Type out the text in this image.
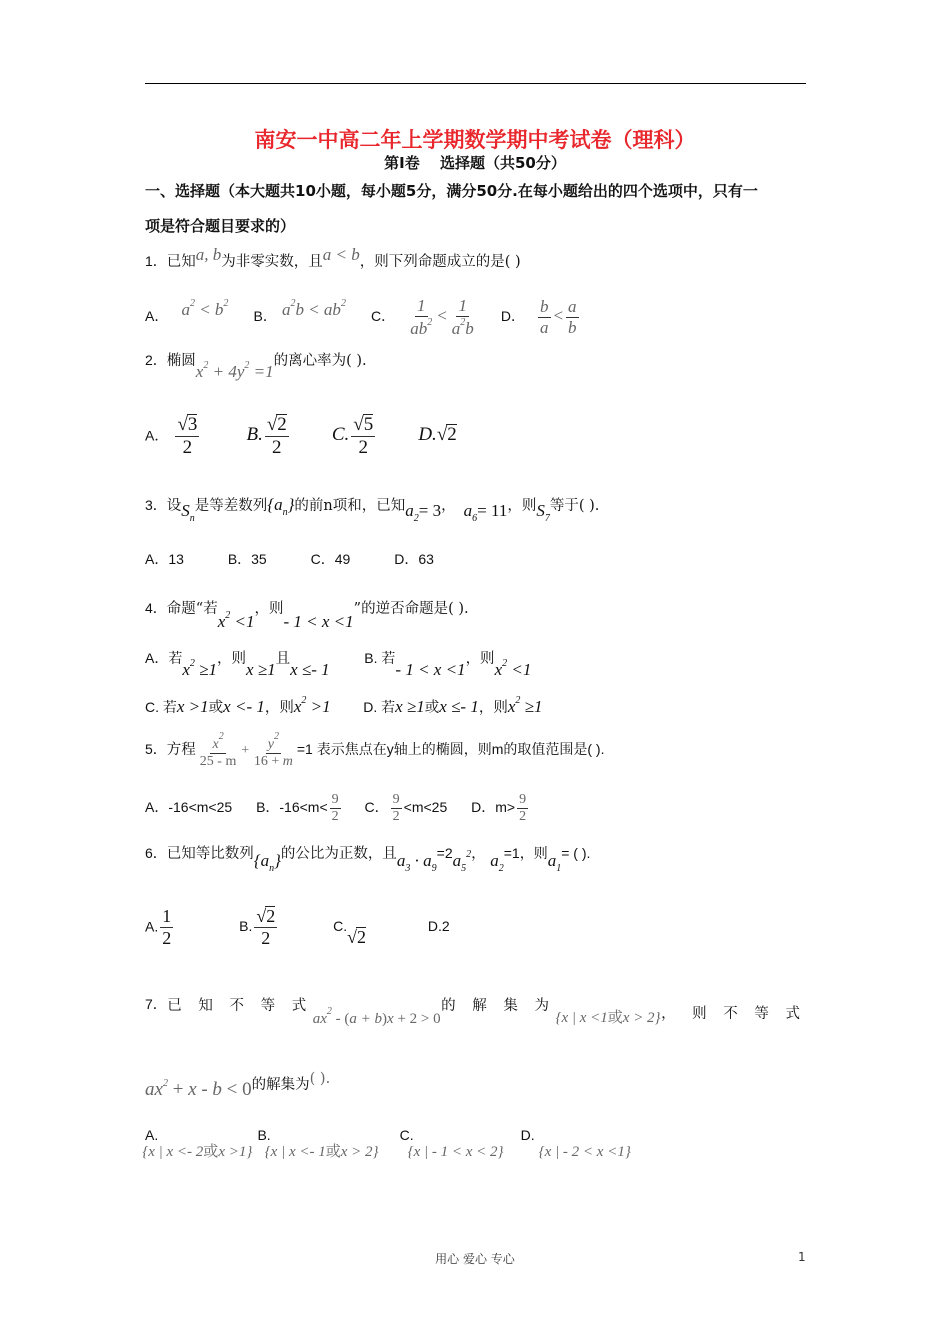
南安一中高二年上学期数学期中考试卷（理科）
第Ⅰ卷　 选择题（共50分）
一、选择题（本大题共10小题，每小题5分，满分50分.在每小题给出的四个选项中，只有一
项是符合题目要求的）
1．已知a, b为非零实数，且a < b，则下列命题成立的是( )
A． $a^2 < b^2$ B． $a^2b < ab^2$ C． $\frac{1}{ab^2} < \frac{1}{a^2b}$ D． $\frac{b}{a} < \frac{a}{b}$
2．椭圆$x^2 + 4y^2 =1$的离心率为( ).
A． $\frac{√3}{2} B$. $\frac{√2}{2} C$. $\frac{√5}{2} D.√2$
3．设$S_n$是等差数列$\{a_n\}$的前n项和，已知$a_2= 3$， $a_6= 11$，则$S_7$等于( ).
A．13	B．35	C．49	D．63
4．命题“若$x^2 <1$，则- 1 < x <1”的逆否命题是( ).
A．若$x^2 \ge 1$，则x ≥1且x ≤- 1 B. 若- 1 < x <1，则$x^2 <1$
C. 若x >1或x <- 1，则$x^2 >1$ D. 若x ≥1或x ≤- 1，则$x^2 \ge 1$
5．方程 $\frac{x^2}{25 - m} + \frac{y^2}{16 + m} =1$ 表示焦点在y轴上的椭圆，则m的取值范围是( ).
A．-16<m<25 B．$-16<m< \frac{9}{2}$ C． $\frac{9}{2} <m<25$ D．$m> \frac{9}{2}$
6．已知等比数列$\{a_n\}$的公比为正数，且$a_3 \cdot a_9=2a_5^2$， $a_2=1$，则$a_1=$ ( ).
A. $\frac{1}{2}$	B. $\frac{√2}{2}$	C.√2 D.2
7． 已 知 不 等 式
$ax^2 - (a + b)x + 2 > 0$
的 解 集 为
{x | x <1或x > 2} ， 则 不 等 式
$ax^2 + x - b < 0$的解集为( ).
A.{x | x <- 2或x >1} B.{x | x <- 1或x > 2} C.{x | - 1 < x < 2} D.{x | - 2 < x <1}
用心 爱心 专心	1
